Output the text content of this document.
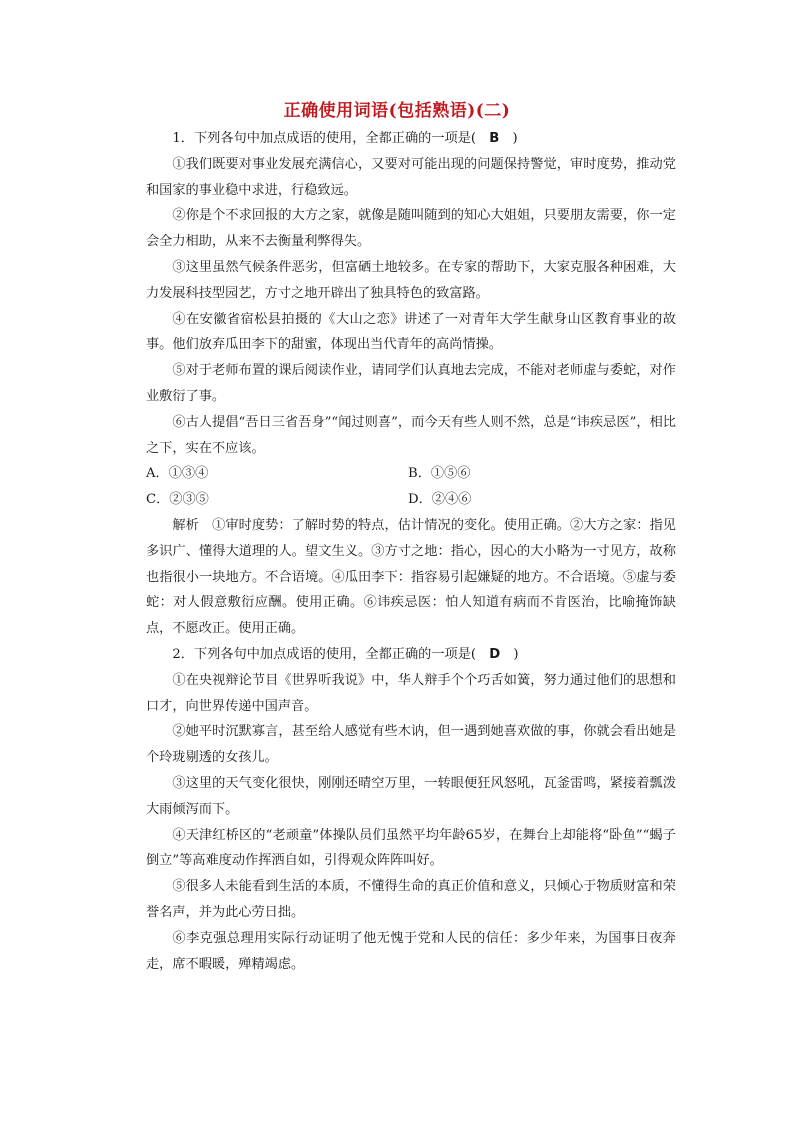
正确使用词语(包括熟语)(二)

1．下列各句中加点成语的使用，全都正确的一项是(　B　)

①我们既要对事业发展充满信心，又要对可能出现的问题保持警觉，审时度势，推动党和国家的事业稳中求进，行稳致远。

②你是个不求回报的大方之家，就像是随叫随到的知心大姐姐，只要朋友需要，你一定会全力相助，从来不去衡量利弊得失。

③这里虽然气候条件恶劣，但富硒土地较多。在专家的帮助下，大家克服各种困难，大力发展科技型园艺，方寸之地开辟出了独具特色的致富路。

④在安徽省宿松县拍摄的《大山之恋》讲述了一对青年大学生献身山区教育事业的故事。他们放弃瓜田李下的甜蜜，体现出当代青年的高尚情操。

⑤对于老师布置的课后阅读作业，请同学们认真地去完成，不能对老师虚与委蛇，对作业敷衍了事。

⑥古人提倡“吾日三省吾身”“闻过则喜”，而今天有些人则不然，总是“讳疾忌医”，相比之下，实在不应该。

A．①③④	B．①⑤⑥
C．②③⑤	D．②④⑥

解析　①审时度势：了解时势的特点，估计情况的变化。使用正确。②大方之家：指见多识广、懂得大道理的人。望文生义。③方寸之地：指心，因心的大小略为一寸见方，故称也指很小一块地方。不合语境。④瓜田李下：指容易引起嫌疑的地方。不合语境。⑤虚与委蛇：对人假意敷衍应酬。使用正确。⑥讳疾忌医：怕人知道有病而不肯医治，比喻掩饰缺点，不愿改正。使用正确。

2．下列各句中加点成语的使用，全都正确的一项是(　D　)

①在央视辩论节目《世界听我说》中，华人辩手个个巧舌如簧，努力通过他们的思想和口才，向世界传递中国声音。

②她平时沉默寡言，甚至给人感觉有些木讷，但一遇到她喜欢做的事，你就会看出她是个玲珑剔透的女孩儿。

③这里的天气变化很快，刚刚还晴空万里，一转眼便狂风怒吼，瓦釜雷鸣，紧接着瓢泼大雨倾泻而下。

④天津红桥区的“老顽童”体操队员们虽然平均年龄65岁，在舞台上却能将“卧鱼”“蝎子倒立”等高难度动作挥洒自如，引得观众阵阵叫好。

⑤很多人未能看到生活的本质，不懂得生命的真正价值和意义，只倾心于物质财富和荣誉名声，并为此心劳日拙。

⑥李克强总理用实际行动证明了他无愧于党和人民的信任：多少年来，为国事日夜奔走，席不暇暖，殚精竭虑。
